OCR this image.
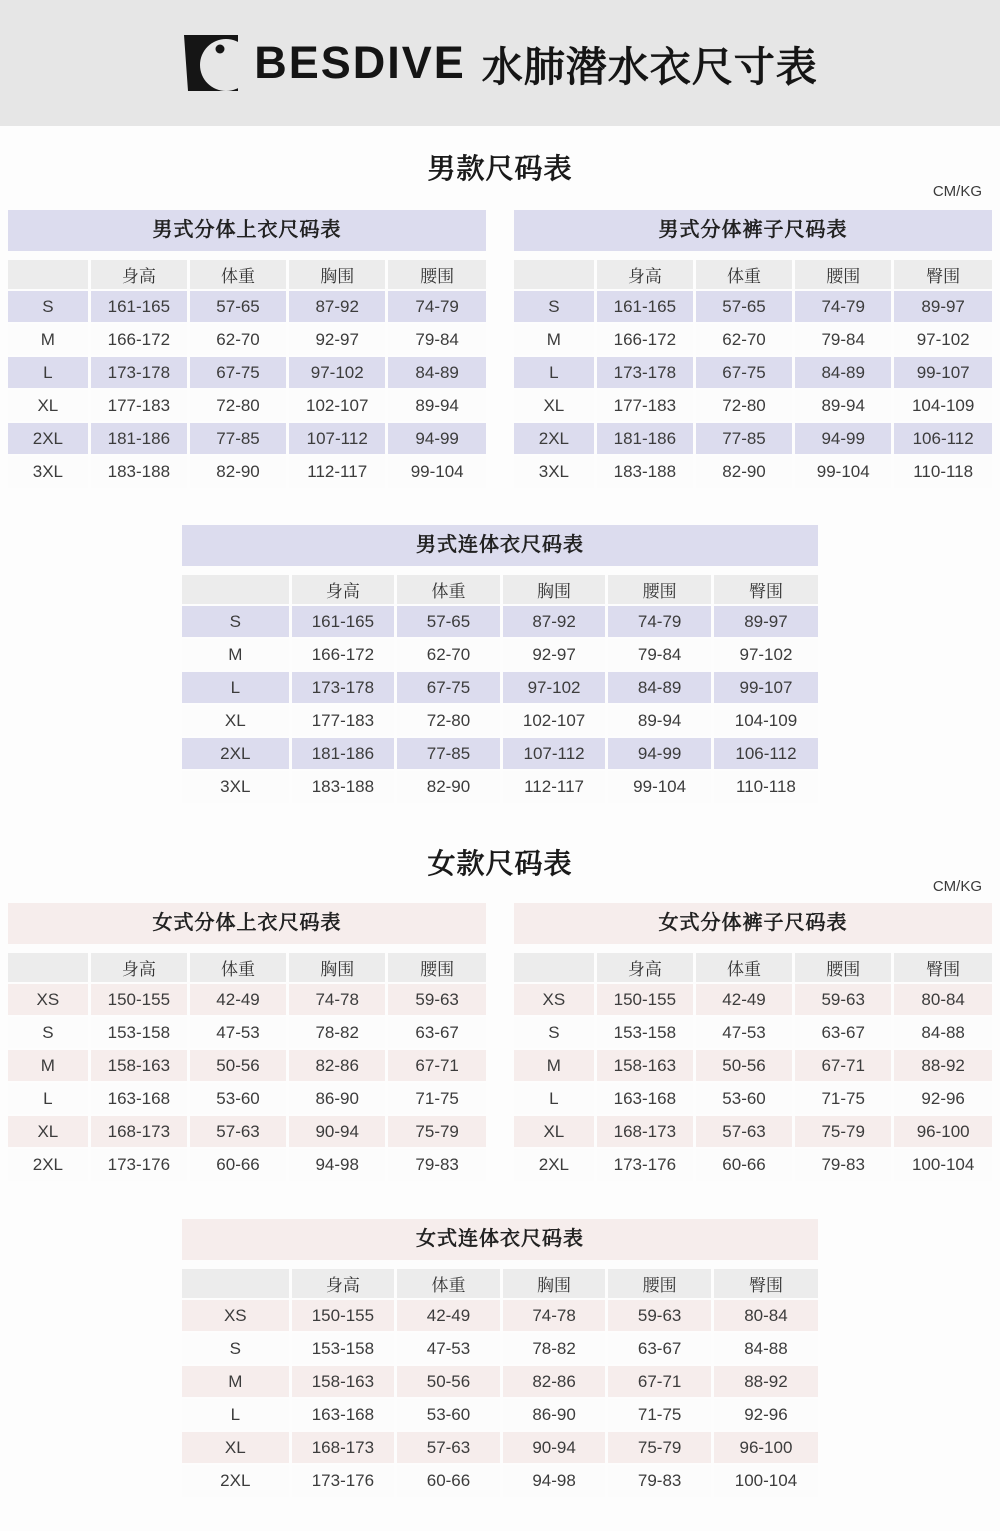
BESDIVE 水肺潜水衣尺寸表
男款尺码表
CM/KG
男式分体上衣尺码表
	身高	体重	胸围	腰围
S	161-165	57-65	87-92	74-79
M	166-172	62-70	92-97	79-84
L	173-178	67-75	97-102	84-89
XL	177-183	72-80	102-107	89-94
2XL	181-186	77-85	107-112	94-99
3XL	183-188	82-90	112-117	99-104
男式分体裤子尺码表
	身高	体重	腰围	臀围
S	161-165	57-65	74-79	89-97
M	166-172	62-70	79-84	97-102
L	173-178	67-75	84-89	99-107
XL	177-183	72-80	89-94	104-109
2XL	181-186	77-85	94-99	106-112
3XL	183-188	82-90	99-104	110-118
男式连体衣尺码表
	身高	体重	胸围	腰围	臀围
S	161-165	57-65	87-92	74-79	89-97
M	166-172	62-70	92-97	79-84	97-102
L	173-178	67-75	97-102	84-89	99-107
XL	177-183	72-80	102-107	89-94	104-109
2XL	181-186	77-85	107-112	94-99	106-112
3XL	183-188	82-90	112-117	99-104	110-118
女款尺码表
CM/KG
女式分体上衣尺码表
	身高	体重	胸围	腰围
XS	150-155	42-49	74-78	59-63
S	153-158	47-53	78-82	63-67
M	158-163	50-56	82-86	67-71
L	163-168	53-60	86-90	71-75
XL	168-173	57-63	90-94	75-79
2XL	173-176	60-66	94-98	79-83
女式分体裤子尺码表
	身高	体重	腰围	臀围
XS	150-155	42-49	59-63	80-84
S	153-158	47-53	63-67	84-88
M	158-163	50-56	67-71	88-92
L	163-168	53-60	71-75	92-96
XL	168-173	57-63	75-79	96-100
2XL	173-176	60-66	79-83	100-104
女式连体衣尺码表
	身高	体重	胸围	腰围	臀围
XS	150-155	42-49	74-78	59-63	80-84
S	153-158	47-53	78-82	63-67	84-88
M	158-163	50-56	82-86	67-71	88-92
L	163-168	53-60	86-90	71-75	92-96
XL	168-173	57-63	90-94	75-79	96-100
2XL	173-176	60-66	94-98	79-83	100-104
